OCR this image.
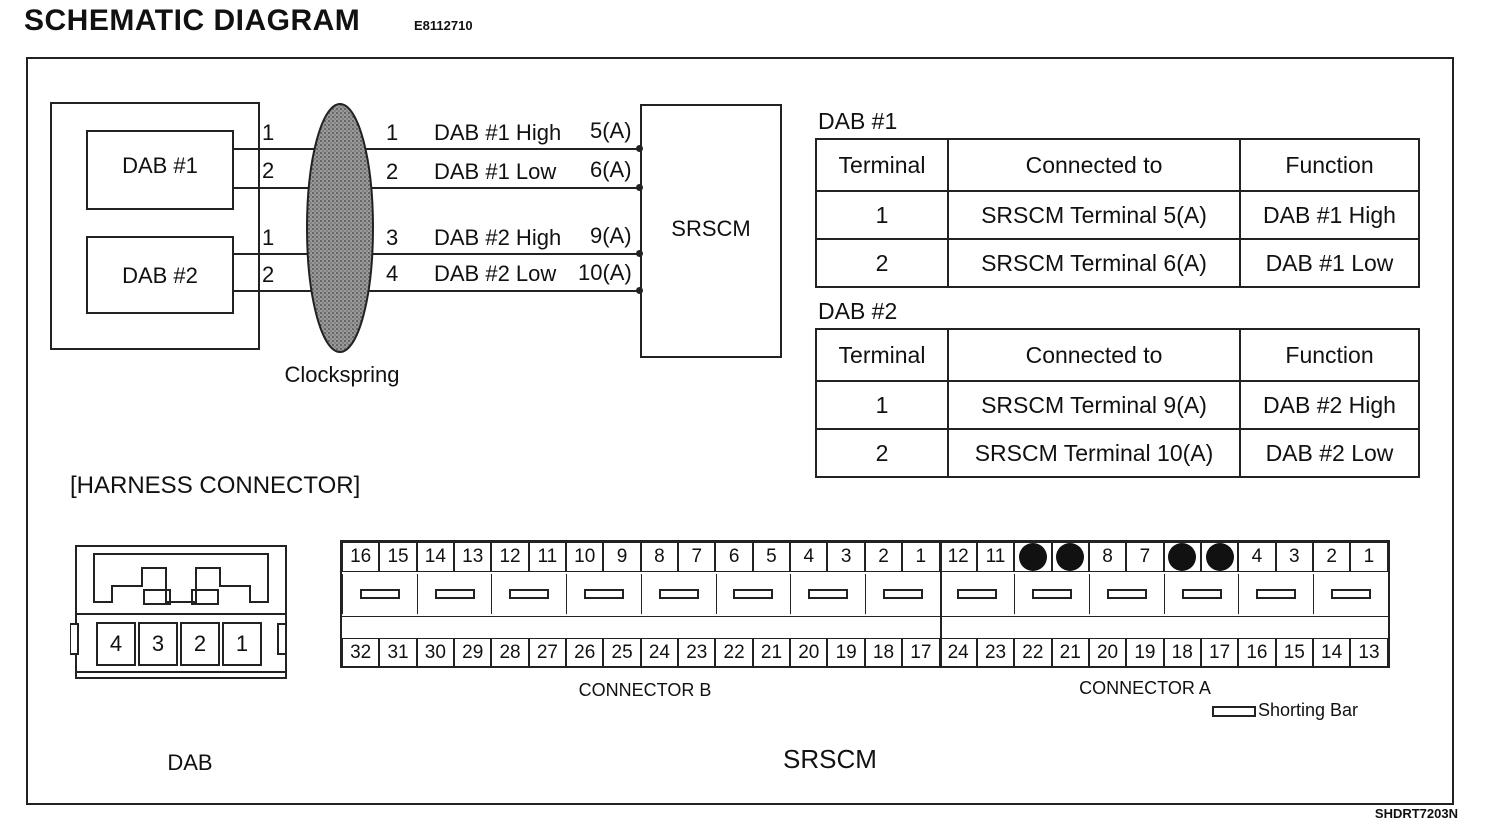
SCHEMATIC DIAGRAM	E8112710
SHDRT7203N
DAB #1
DAB #2
1
2
1
2
Clockspring
1 DAB #1 High 5(A)
2 DAB #1 Low 6(A)
3 DAB #2 High 9(A)
4 DAB #2 Low 10(A)
SRSCM
DAB #1
Terminal	Connected to	Function
1	SRSCM Terminal 5(A)	DAB #1 High
2	SRSCM Terminal 6(A)	DAB #1 Low
DAB #2
Terminal	Connected to	Function
1	SRSCM Terminal 9(A)	DAB #2 High
2	SRSCM Terminal 10(A)	DAB #2 Low
[HARNESS CONNECTOR]
4	3	2	1
DAB
16 15 14 13 12 11 10	9	8	7	6	5	4	3	2	1	12 11	8	7	4	3	2	1
32 31 30 29 28 27 26 25 24 23 22 21 20 19 18 17 24 23 22 21 20 19 18 17 16 15 14 13
CONNECTOR B	CONNECTOR A
Shorting Bar
SRSCM
